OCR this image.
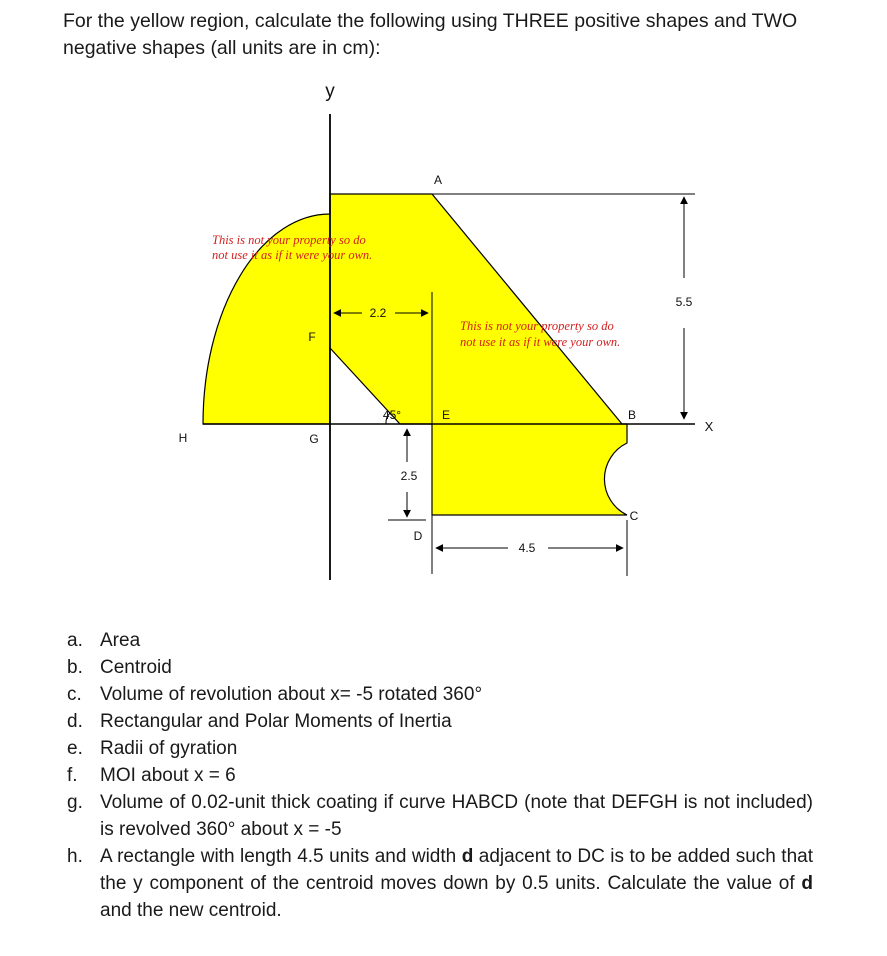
For the yellow region, calculate the following using THREE positive shapes and TWO negative shapes (all units are in cm):

2.2
5.5
2.5
4.5
45°
A
B
C
D
E
F
G
H
y
X
This is not your property so do
not use it as if it were your own.
This is not your property so do
not use it as if it were your own.
a. Area
b. Centroid
c. Volume of revolution about x= -5 rotated 360°
d. Rectangular and Polar Moments of Inertia
e. Radii of gyration
f. MOI about x = 6
g. Volume of 0.02-unit thick coating if curve HABCD (note that DEFGH is not included) is revolved 360° about x = -5
h. A rectangle with length 4.5 units and width d adjacent to DC is to be added such that the y component of the centroid moves down by 0.5 units. Calculate the value of d and the new centroid.
